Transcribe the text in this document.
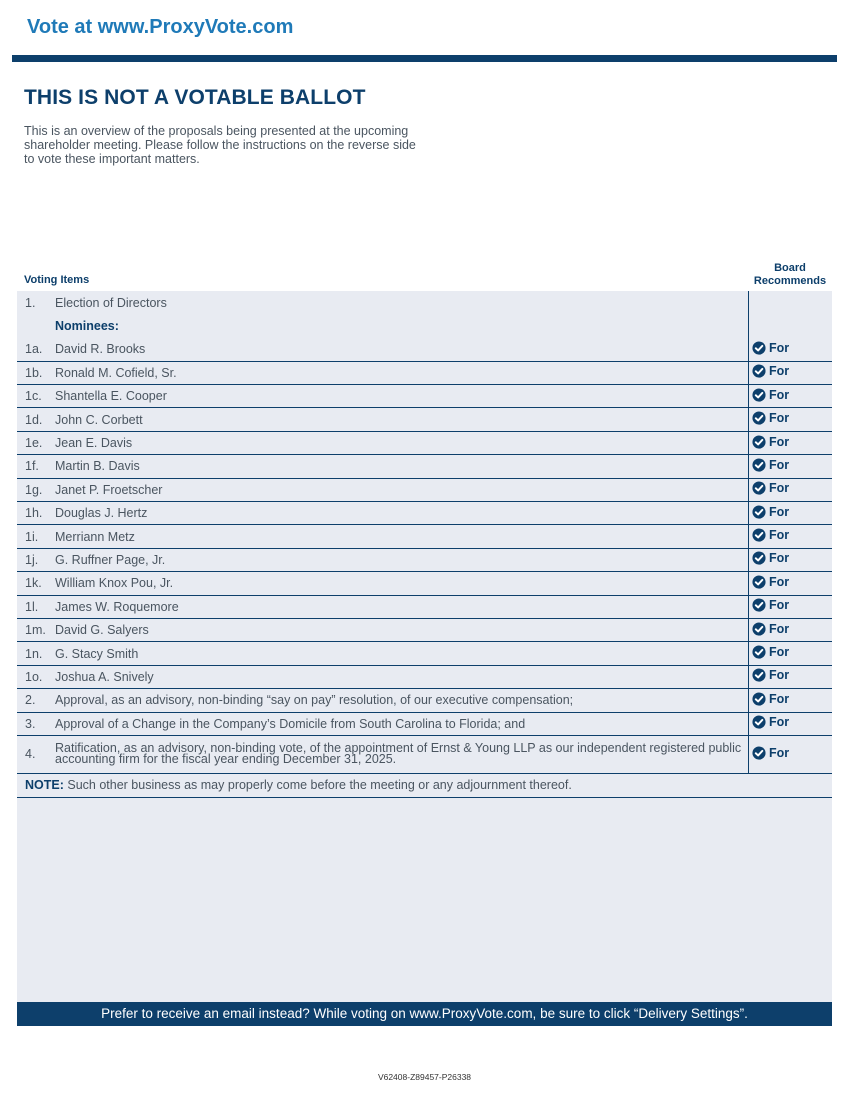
Vote at www.ProxyVote.com
THIS IS NOT A VOTABLE BALLOT
This is an overview of the proposals being presented at the upcoming shareholder meeting. Please follow the instructions on the reverse side to vote these important matters.
Voting Items
Board
Recommends
1.	Election of Directors	
	Nominees:	
1a.	David R. Brooks	For

1b.	Ronald M. Cofield, Sr.	For

1c.	Shantella E. Cooper	For

1d.	John C. Corbett	For

1e.	Jean E. Davis	For

1f.	Martin B. Davis	For

1g.	Janet P. Froetscher	For

1h.	Douglas J. Hertz	For

1i.	Merriann Metz	For

1j.	G. Ruffner Page, Jr.	For

1k.	William Knox Pou, Jr.	For

1l.	James W. Roquemore	For

1m.	David G. Salyers	For

1n.	G. Stacy Smith	For

1o.	Joshua A. Snively	For

2.	Approval, as an advisory, non-binding “say on pay” resolution, of our executive compensation;	For

3.	Approval of a Change in the Company’s Domicile from South Carolina to Florida; and	For

4.	Ratification, as an advisory, non-binding vote, of the appointment of Ernst & Young LLP as our independent registered public accounting firm for the fiscal year ending December 31, 2025.	For

NOTE: Such other business as may properly come before the meeting or any adjournment thereof.		
Prefer to receive an email instead? While voting on www.ProxyVote.com, be sure to click “Delivery Settings”.
V62408-Z89457-P26338
